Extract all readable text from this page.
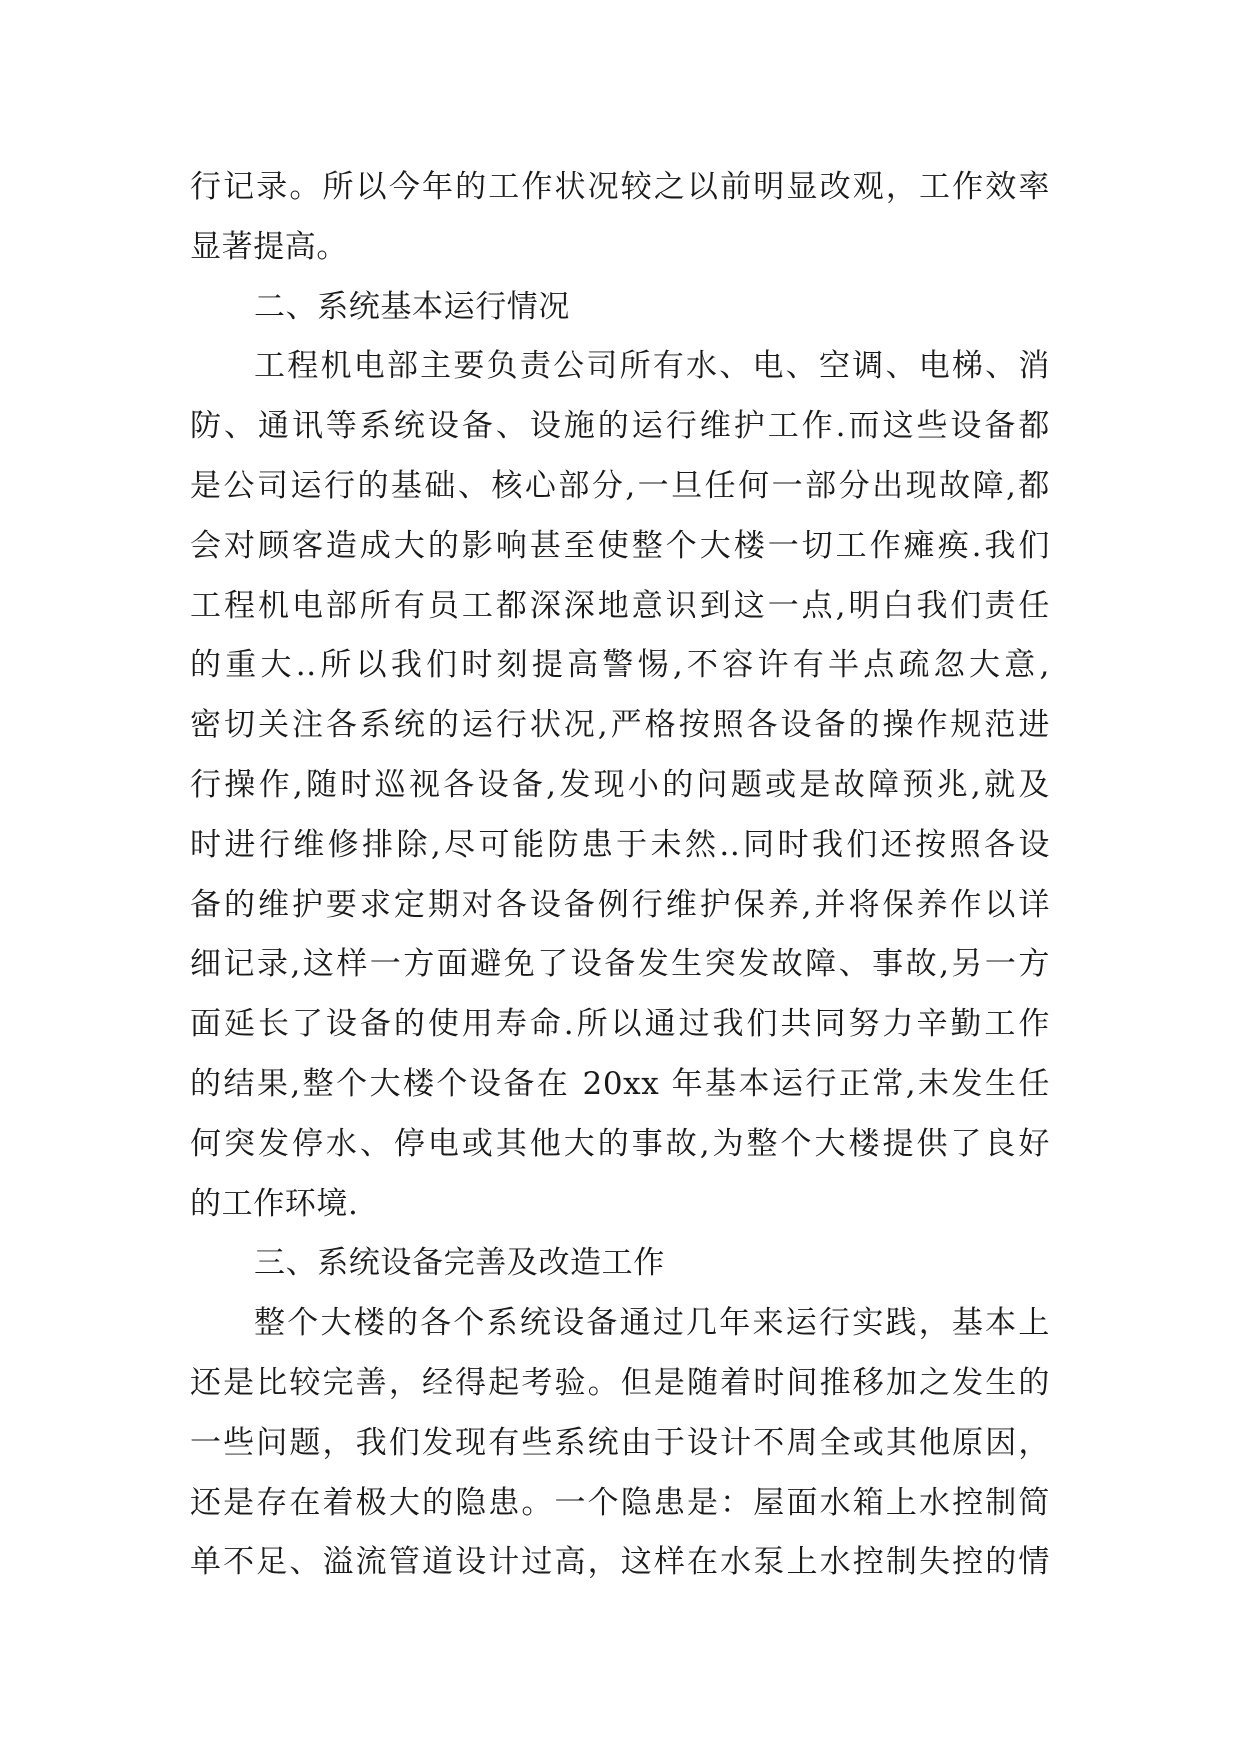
行记录。所以今年的工作状况较之以前明显改观，工作效率
显著提高。
二、系统基本运行情况
工程机电部主要负责公司所有水、电、空调、电梯、消
防、通讯等系统设备、设施的运行维护工作.而这些设备都
是公司运行的基础、核心部分,一旦任何一部分出现故障,都
会对顾客造成大的影响甚至使整个大楼一切工作瘫痪.我们
工程机电部所有员工都深深地意识到这一点,明白我们责任
的重大..所以我们时刻提高警惕,不容许有半点疏忽大意,
密切关注各系统的运行状况,严格按照各设备的操作规范进
行操作,随时巡视各设备,发现小的问题或是故障预兆,就及
时进行维修排除,尽可能防患于未然..同时我们还按照各设
备的维护要求定期对各设备例行维护保养,并将保养作以详
细记录,这样一方面避免了设备发生突发故障、事故,另一方
面延长了设备的使用寿命.所以通过我们共同努力辛勤工作
的结果,整个大楼个设备在 20xx 年基本运行正常,未发生任
何突发停水、停电或其他大的事故,为整个大楼提供了良好
的工作环境.
三、系统设备完善及改造工作
整个大楼的各个系统设备通过几年来运行实践，基本上
还是比较完善，经得起考验。但是随着时间推移加之发生的
一些问题，我们发现有些系统由于设计不周全或其他原因，
还是存在着极大的隐患。一个隐患是：屋面水箱上水控制简
单不足、溢流管道设计过高，这样在水泵上水控制失控的情
